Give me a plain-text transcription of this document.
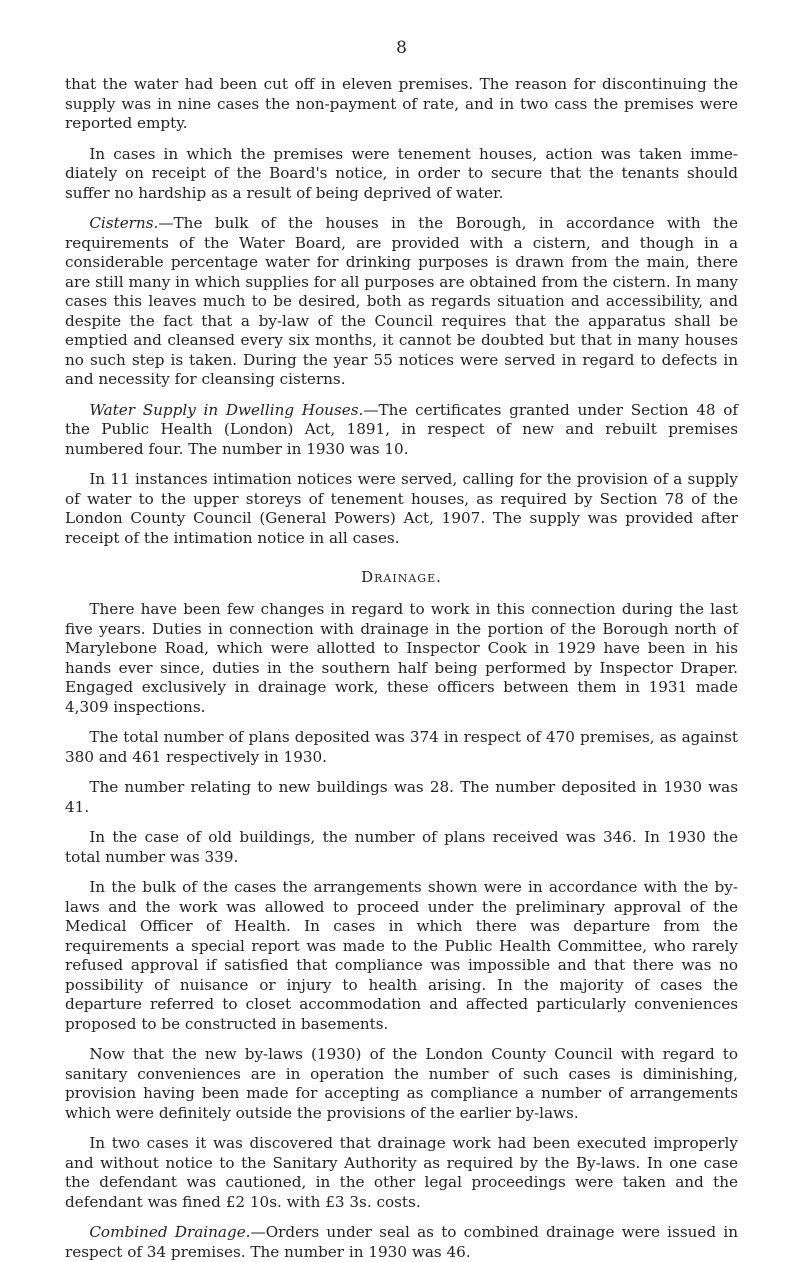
8

that the water had been cut off in eleven premises. The reason for discontinuing the supply was in nine cases the non-payment of rate, and in two cass the premises were reported empty.

In cases in which the premises were tenement houses, action was taken immediately on receipt of the Board's notice, in order to secure that the tenants should suffer no hardship as a result of being deprived of water.

Cisterns.—The bulk of the houses in the Borough, in accordance with the requirements of the Water Board, are provided with a cistern, and though in a considerable percentage water for drinking purposes is drawn from the main, there are still many in which supplies for all purposes are obtained from the cistern. In many cases this leaves much to be desired, both as regards situation and accessibility, and despite the fact that a by-law of the Council requires that the apparatus shall be emptied and cleansed every six months, it cannot be doubted but that in many houses no such step is taken. During the year 55 notices were served in regard to defects in and necessity for cleansing cisterns.

Water Supply in Dwelling Houses.—The certificates granted under Section 48 of the Public Health (London) Act, 1891, in respect of new and rebuilt premises numbered four. The number in 1930 was 10.

In 11 instances intimation notices were served, calling for the provision of a supply of water to the upper storeys of tenement houses, as required by Section 78 of the London County Council (General Powers) Act, 1907. The supply was provided after receipt of the intimation notice in all cases.

Drainage.

There have been few changes in regard to work in this connection during the last five years. Duties in connection with drainage in the portion of the Borough north of Marylebone Road, which were allotted to Inspector Cook in 1929 have been in his hands ever since, duties in the southern half being performed by Inspector Draper. Engaged exclusively in drainage work, these officers between them in 1931 made 4,309 inspections.

The total number of plans deposited was 374 in respect of 470 premises, as against 380 and 461 respectively in 1930.

The number relating to new buildings was 28. The number deposited in 1930 was 41.

In the case of old buildings, the number of plans received was 346. In 1930 the total number was 339.

In the bulk of the cases the arrangements shown were in accordance with the by-laws and the work was allowed to proceed under the preliminary approval of the Medical Officer of Health. In cases in which there was departure from the requirements a special report was made to the Public Health Committee, who rarely refused approval if satisfied that compliance was impossible and that there was no possibility of nuisance or injury to health arising. In the majority of cases the departure referred to closet accommodation and affected particularly conveniences proposed to be constructed in basements.

Now that the new by-laws (1930) of the London County Council with regard to sanitary conveniences are in operation the number of such cases is diminishing, provision having been made for accepting as compliance a number of arrangements which were definitely outside the provisions of the earlier by-laws.

In two cases it was discovered that drainage work had been executed improperly and without notice to the Sanitary Authority as required by the By-laws. In one case the defendant was cautioned, in the other legal proceedings were taken and the defendant was fined £2 10s. with £3 3s. costs.

Combined Drainage.—Orders under seal as to combined drainage were issued in respect of 34 premises. The number in 1930 was 46.
